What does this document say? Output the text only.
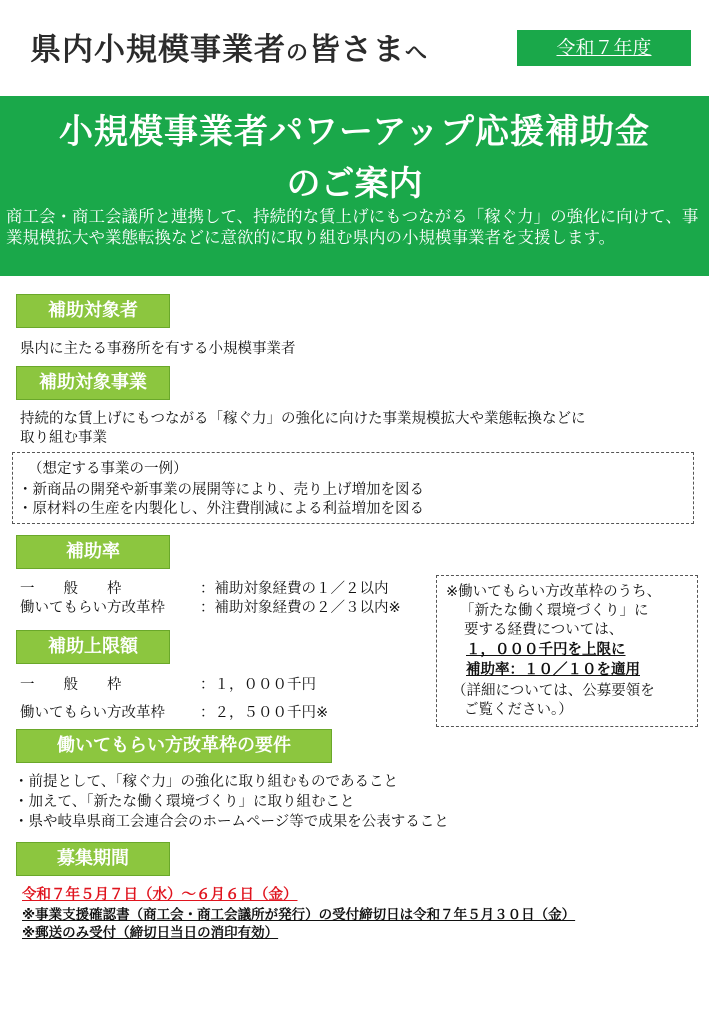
県内小規模事業者の皆さまへ	令和７年度
小規模事業者パワーアップ応援補助金
のご案内
商工会・商工会議所と連携して、持続的な賃上げにもつながる「稼ぐ力」の強化に向けて、事業規模拡大や業態転換などに意欲的に取り組む県内の小規模事業者を支援します。
補助対象者
県内に主たる事務所を有する小規模事業者
補助対象事業
持続的な賃上げにもつながる「稼ぐ力」の強化に向けた事業規模拡大や業態転換などに
取り組む事業
（想定する事業の一例）
・新商品の開発や新事業の展開等により、売り上げ増加を図る
・原材料の生産を内製化し、外注費削減による利益増加を図る
補助率
一　　般　　枠	：補助対象経費の１／２以内
働いてもらい方改革枠 ：補助対象経費の２／３以内※
※働いてもらい方改革枠のうち、
「新たな働く環境づくり」に
要する経費については、
１，０００千円を上限に
補助率：１０／１０を適用
（詳細については、公募要領を
ご覧ください。）
補助上限額
一　　般　　枠	：１，０００千円
働いてもらい方改革枠 ：２，５００千円※
働いてもらい方改革枠の要件
・前提として、「稼ぐ力」の強化に取り組むものであること
・加えて、「新たな働く環境づくり」に取り組むこと
・県や岐阜県商工会連合会のホームページ等で成果を公表すること
募集期間
令和７年５月７日（水）～６月６日（金）
※事業支援確認書（商工会・商工会議所が発行）の受付締切日は令和７年５月３０日（金）
※郵送のみ受付（締切日当日の消印有効）
